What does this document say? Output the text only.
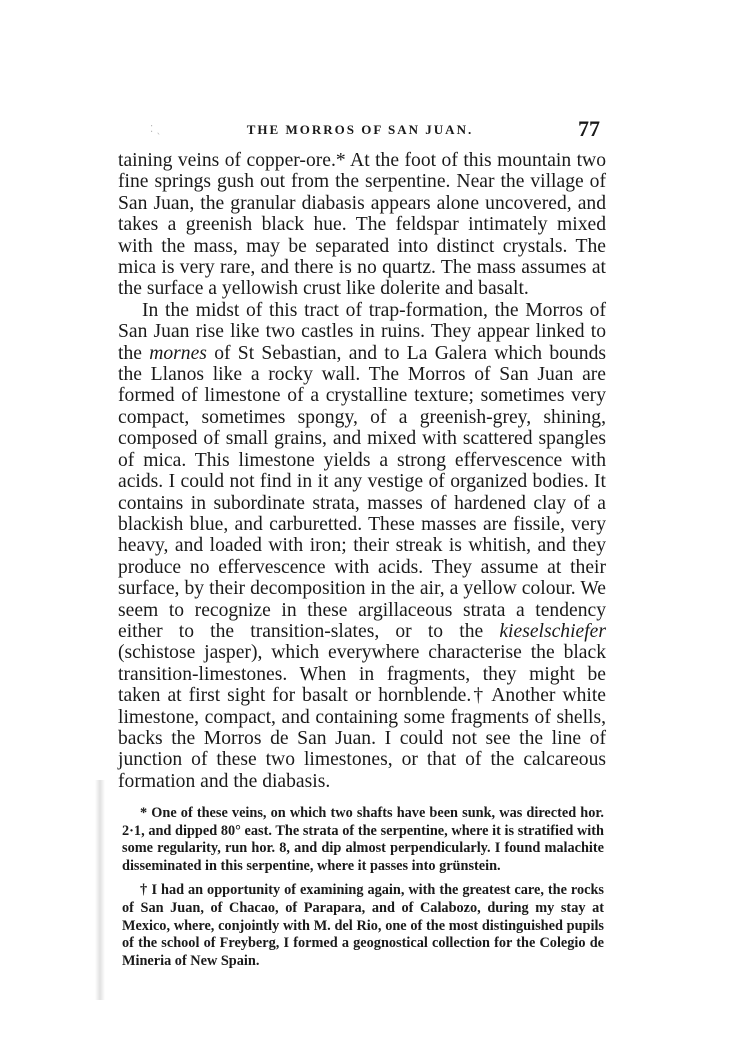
⁚ ˎ	THE MORROS OF SAN JUAN.	77

taining veins of copper-ore.* At the foot of this mountain two fine springs gush out from the serpentine. Near the village of San Juan, the granular diabasis appears alone uncovered, and takes a greenish black hue. The feldspar intimately mixed with the mass, may be separated into distinct crystals. The mica is very rare, and there is no quartz. The mass assumes at the surface a yellowish crust like dolerite and basalt.

In the midst of this tract of trap-formation, the Morros of San Juan rise like two castles in ruins. They appear linked to the mornes of St Sebastian, and to La Galera which bounds the Llanos like a rocky wall. The Morros of San Juan are formed of limestone of a crystalline texture; sometimes very compact, sometimes spongy, of a greenish-grey, shining, composed of small grains, and mixed with scattered spangles of mica. This limestone yields a strong effervescence with acids. I could not find in it any vestige of organized bodies. It contains in subordinate strata, masses of hardened clay of a blackish blue, and carburetted. These masses are fissile, very heavy, and loaded with iron; their streak is whitish, and they produce no effervescence with acids. They assume at their surface, by their decomposition in the air, a yellow colour. We seem to recognize in these argillaceous strata a tendency either to the transition-slates, or to the kieselschiefer (schistose jasper), which everywhere characterise the black transition-limestones. When in fragments, they might be taken at first sight for basalt or hornblende.† Another white limestone, compact, and containing some fragments of shells, backs the Morros de San Juan. I could not see the line of junction of these two limestones, or that of the calcareous formation and the diabasis.

* One of these veins, on which two shafts have been sunk, was directed hor. 2·1, and dipped 80° east. The strata of the serpentine, where it is stratified with some regularity, run hor. 8, and dip almost perpendicularly. I found malachite disseminated in this serpentine, where it passes into grünstein.

† I had an opportunity of examining again, with the greatest care, the rocks of San Juan, of Chacao, of Parapara, and of Calabozo, during my stay at Mexico, where, conjointly with M. del Rio, one of the most distinguished pupils of the school of Freyberg, I formed a geognostical collection for the Colegio de Mineria of New Spain.
